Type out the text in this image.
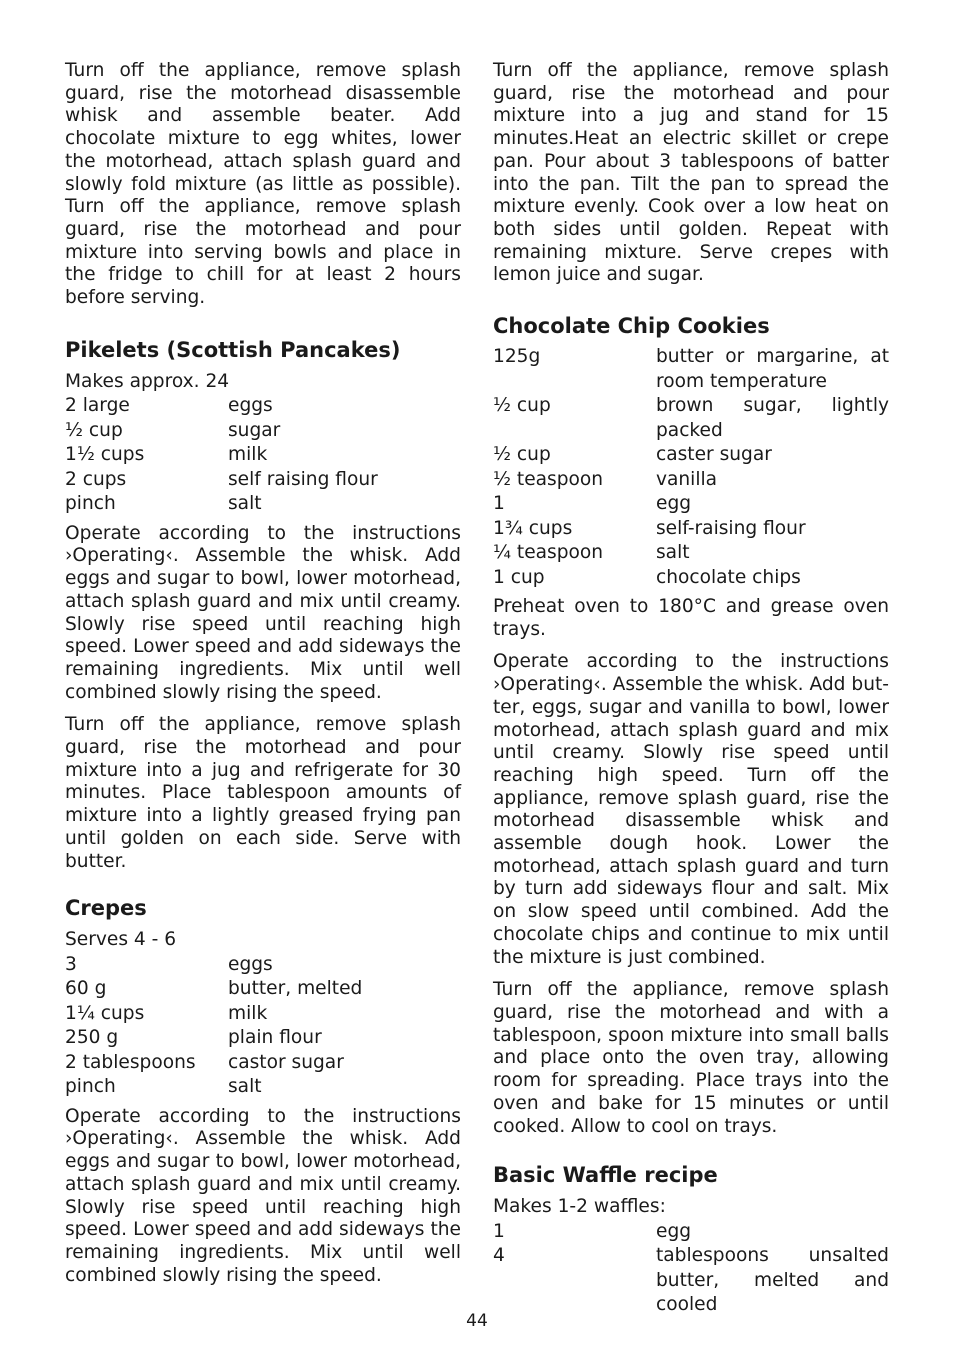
Turn off the appliance, remove splash guard, rise the motorhead disassemble whisk and assemble beater. Add chocolate mixture to egg whites, lower the motorhead, attach splash guard and slowly fold mixture (as little as possible). Turn off the appliance, remove splash guard, rise the motorhead and pour mixture into serving bowls and place in the fridge to chill for at least 2 hours before serving.

Pikelets (Scottish Pancakes)
Makes approx. 24
2 large	eggs
½ cup	sugar
1½ cups	milk
2 cups	self raising flour
pinch	salt

Operate according to the instructions ›Operating‹. Assemble the whisk. Add eggs and sugar to bowl, lower motorhead, attach splash guard and mix until creamy. Slowly rise speed until reaching high speed. Lower speed and add sideways the remaining ingredients. Mix until well combined slowly rising the speed.

Turn off the appliance, remove splash guard, rise the motorhead and pour mixture into a jug and refrigerate for 30 minutes. Place tablespoon amounts of mixture into a lightly greased frying pan until golden on each side. Serve with butter.

Crepes
Serves 4 - 6
3	eggs
60 g	butter, melted
1¼ cups	milk
250 g	plain flour
2 tablespoons	castor sugar
pinch	salt

Operate according to the instructions ›Operating‹. Assemble the whisk. Add eggs and sugar to bowl, lower motorhead, attach splash guard and mix until creamy. Slowly rise speed until reaching high speed. Lower speed and add sideways the remaining ingredients. Mix until well combined slowly rising the speed.

Turn off the appliance, remove splash guard, rise the motorhead and pour mixture into a jug and stand for 15 minutes.Heat an electric skillet or crepe pan. Pour about 3 tablespoons of batter into the pan. Tilt the pan to spread the mixture evenly. Cook over a low heat on both sides until golden. Repeat with remaining mixture. Serve crepes with lemon juice and sugar.

Chocolate Chip Cookies
125g	butter or margarine, at room temperature
½ cup	brown sugar, lightly packed
½ cup	caster sugar
½ teaspoon	vanilla
1	egg
1¾ cups	self-raising flour
¼ teaspoon	salt
1 cup	chocolate chips

Preheat oven to 180°C and grease oven trays.

Operate according to the instructions ›Operating‹. Assemble the whisk. Add butter, eggs, sugar and vanilla to bowl, lower motorhead, attach splash guard and mix until creamy. Slowly rise speed until reaching high speed. Turn off the appliance, remove splash guard, rise the motorhead disassemble whisk and assemble dough hook. Lower the motorhead, attach splash guard and turn by turn add sideways flour and salt. Mix on slow speed until combined. Add the chocolate chips and continue to mix until the mixture is just combined.

Turn off the appliance, remove splash guard, rise the motorhead and with a tablespoon, spoon mixture into small balls and place onto the oven tray, allowing room for spreading. Place trays into the oven and bake for 15 minutes or until cooked. Allow to cool on trays.

Basic Waffle recipe
Makes 1-2 waffles:
1	egg
4	tablespoons unsalted butter, melted and cooled
44
